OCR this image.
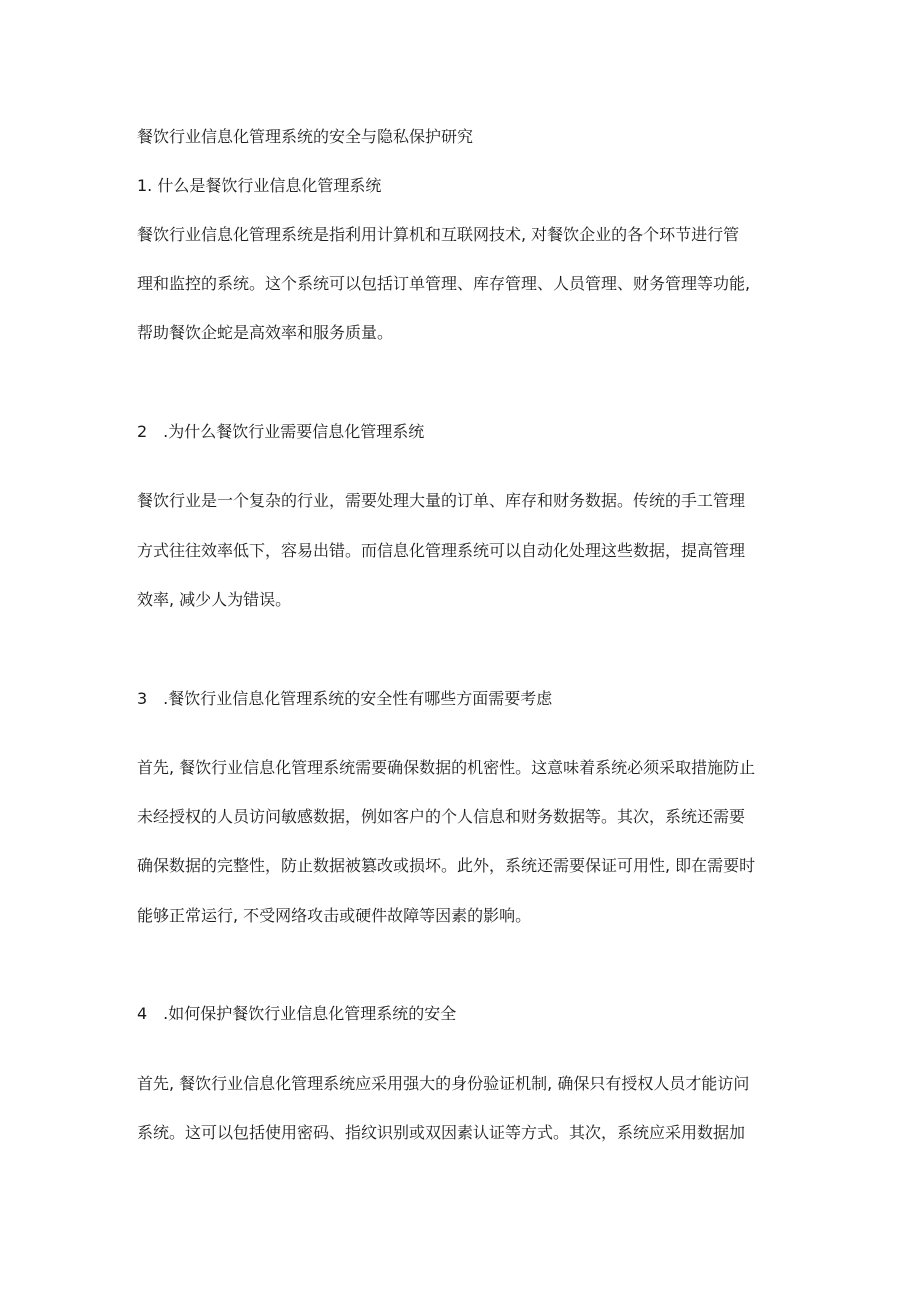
餐饮行业信息化管理系统的安全与隐私保护研究
1. 什么是餐饮行业信息化管理系统

餐饮行业信息化管理系统是指利用计算机和互联网技术, 对餐饮企业的各个环节进行管

理和监控的系统。这个系统可以包括订单管理、库存管理、人员管理、财务管理等功能,

帮助餐饮企蛇是高效率和服务质量。

2　.为什么餐饮行业需要信息化管理系统

餐饮行业是一个复杂的行业，需要处理大量的订单、库存和财务数据。传统的手工管理

方式往往效率低下，容易出错。而信息化管理系统可以自动化处理这些数据，提高管理

效率, 减少人为错误。

3　.餐饮行业信息化管理系统的安全性有哪些方面需要考虑

首先, 餐饮行业信息化管理系统需要确保数据的机密性。这意味着系统必须采取措施防止

未经授权的人员访问敏感数据，例如客户的个人信息和财务数据等。其次，系统还需要

确保数据的完整性，防止数据被篡改或损坏。此外，系统还需要保证可用性, 即在需要时

能够正常运行, 不受网络攻击或硬件故障等因素的影响。

4　.如何保护餐饮行业信息化管理系统的安全

首先, 餐饮行业信息化管理系统应采用强大的身份验证机制, 确保只有授权人员才能访问

系统。这可以包括使用密码、指纹识别或双因素认证等方式。其次，系统应采用数据加
